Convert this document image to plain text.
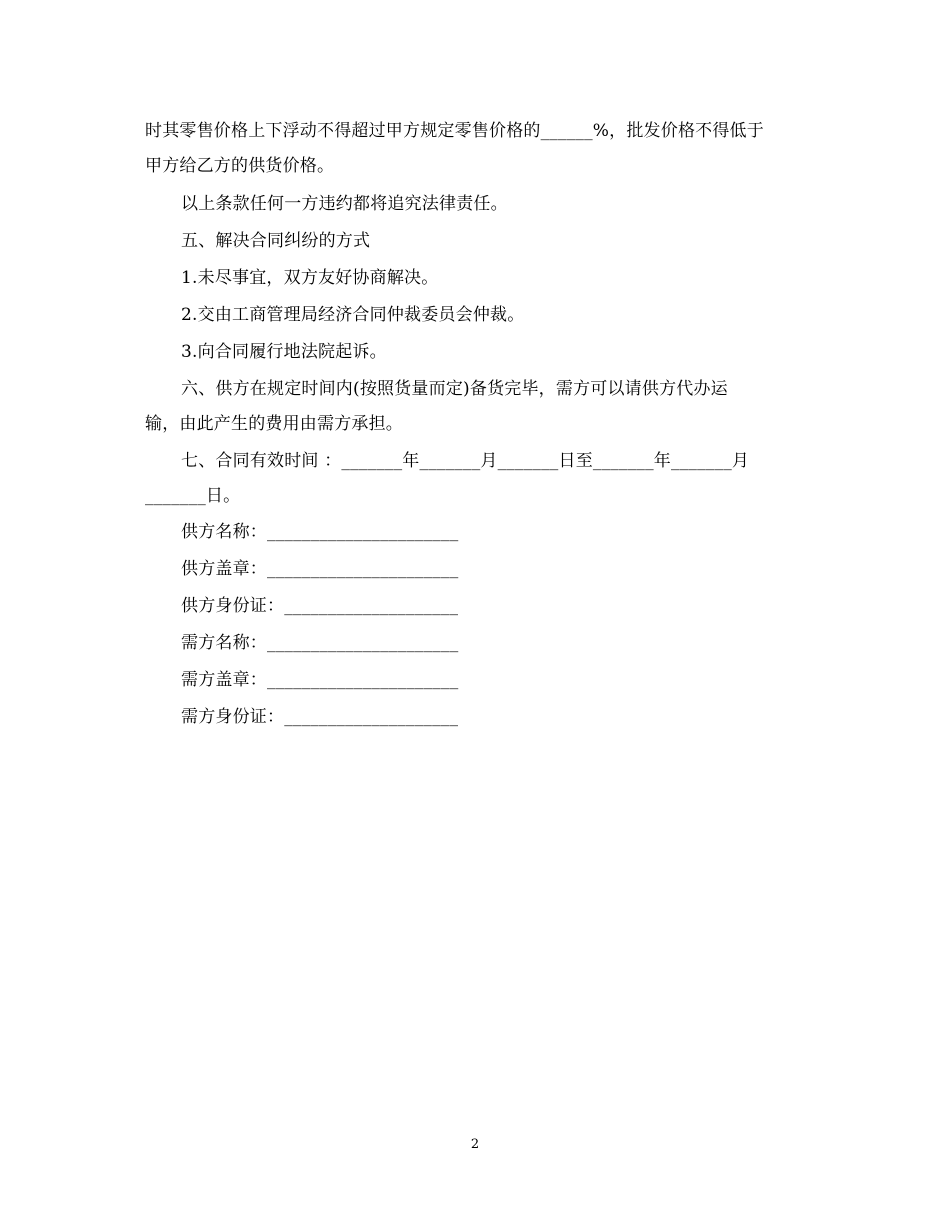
时其零售价格上下浮动不得超过甲方规定零售价格的______%，批发价格不得低于
甲方给乙方的供货价格。
以上条款任何一方违约都将追究法律责任。
五、解决合同纠纷的方式
1.未尽事宜，双方友好协商解决。
2.交由工商管理局经济合同仲裁委员会仲裁。
3.向合同履行地法院起诉。
六、供方在规定时间内(按照货量而定)备货完毕，需方可以请供方代办运
输，由此产生的费用由需方承担。
七、合同有效时间 ：_______年_______月_______日至_______年_______月
_______日。
供方名称：______________________
供方盖章：______________________
供方身份证：____________________
需方名称：______________________
需方盖章：______________________
需方身份证：____________________
2
